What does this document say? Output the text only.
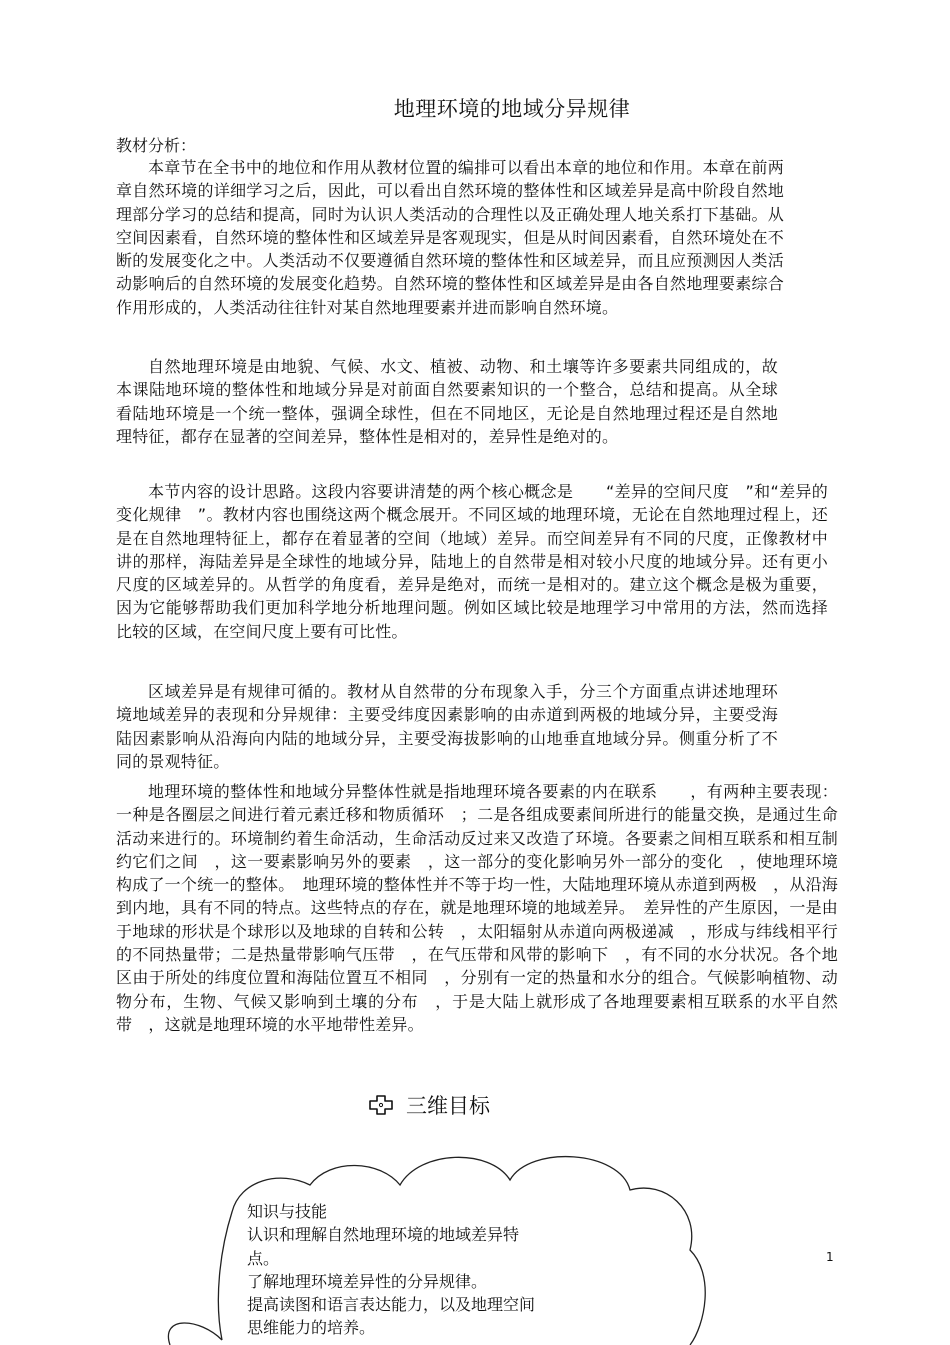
地理环境的地域分异规律
教材分析：

本章节在全书中的地位和作用从教材位置的编排可以看出本章的地位和作用。本章在前两章自然环境的详细学习之后，因此，可以看出自然环境的整体性和区域差异是高中阶段自然地理部分学习的总结和提高，同时为认识人类活动的合理性以及正确处理人地关系打下基础。从空间因素看，自然环境的整体性和区域差异是客观现实，但是从时间因素看，自然环境处在不断的发展变化之中。人类活动不仅要遵循自然环境的整体性和区域差异，而且应预测因人类活动影响后的自然环境的发展变化趋势。自然环境的整体性和区域差异是由各自然地理要素综合作用形成的，人类活动往往针对某自然地理要素并进而影响自然环境。

自然地理环境是由地貌、气候、水文、植被、动物、和土壤等许多要素共同组成的，故本课陆地环境的整体性和地域分异是对前面自然要素知识的一个整合，总结和提高。从全球看陆地环境是一个统一整体，强调全球性，但在不同地区，无论是自然地理过程还是自然地理特征，都存在显著的空间差异，整体性是相对的，差异性是绝对的。

本节内容的设计思路。这段内容要讲清楚的两个核心概念是　　“差异的空间尺度　”和“差异的变化规律　”。教材内容也围绕这两个概念展开。不同区域的地理环境，无论在自然地理过程上，还是在自然地理特征上，都存在着显著的空间（地域）差异。而空间差异有不同的尺度，正像教材中讲的那样，海陆差异是全球性的地域分异，陆地上的自然带是相对较小尺度的地域分异。还有更小尺度的区域差异的。从哲学的角度看，差异是绝对，而统一是相对的。建立这个概念是极为重要，因为它能够帮助我们更加科学地分析地理问题。例如区域比较是地理学习中常用的方法，然而选择比较的区域，在空间尺度上要有可比性。

区域差异是有规律可循的。教材从自然带的分布现象入手，分三个方面重点讲述地理环境地域差异的表现和分异规律：主要受纬度因素影响的由赤道到两极的地域分异，主要受海陆因素影响从沿海向内陆的地域分异，主要受海拔影响的山地垂直地域分异。侧重分析了不同的景观特征。

地理环境的整体性和地域分异整体性就是指地理环境各要素的内在联系　　，有两种主要表现：一种是各圈层之间进行着元素迁移和物质循环　；二是各组成要素间所进行的能量交换，是通过生命活动来进行的。环境制约着生命活动，生命活动反过来又改造了环境。各要素之间相互联系和相互制约它们之间　，这一要素影响另外的要素　，这一部分的变化影响另外一部分的变化　，使地理环境构成了一个统一的整体。　地理环境的整体性并不等于均一性，大陆地理环境从赤道到两极　，从沿海到内地，具有不同的特点。这些特点的存在，就是地理环境的地域差异。　差异性的产生原因，一是由于地球的形状是个球形以及地球的自转和公转　，太阳辐射从赤道向两极递减　，形成与纬线相平行的不同热量带；二是热量带影响气压带　，在气压带和风带的影响下　，有不同的水分状况。各个地区由于所处的纬度位置和海陆位置互不相同　，分别有一定的热量和水分的组合。气候影响植物、动物分布，生物、气候又影响到土壤的分布　，于是大陆上就形成了各地理要素相互联系的水平自然带　，这就是地理环境的水平地带性差异。

三维目标
知识与技能
认识和理解自然地理环境的地域差异特
点。
了解地理环境差异性的分异规律。
提高读图和语言表达能力，以及地理空间
思维能力的培养。
1
